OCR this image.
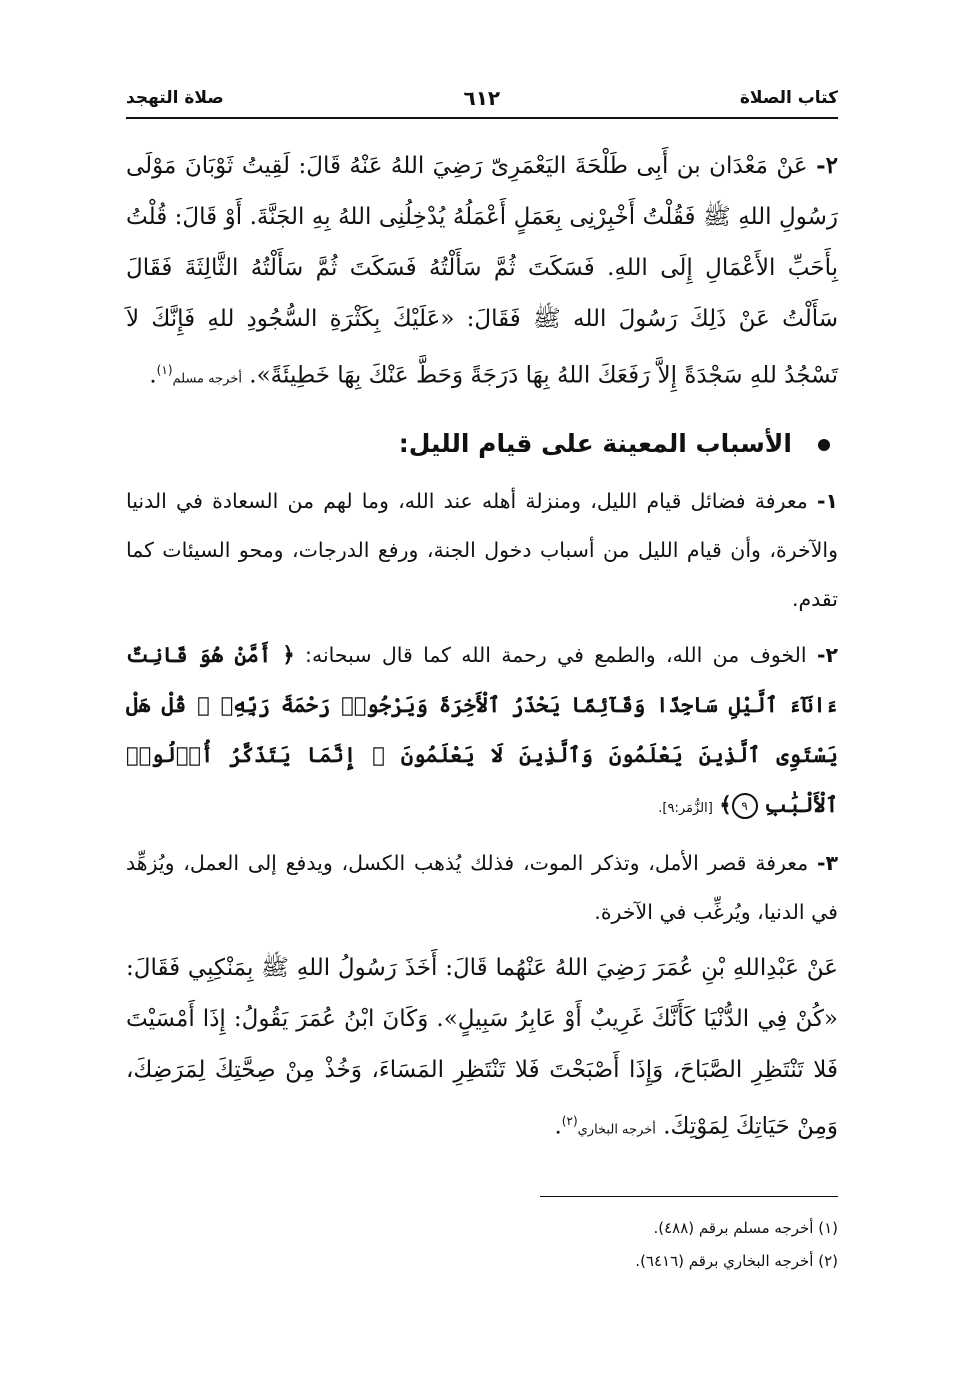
كتاب الصلاة
٦١٢
صلاة التهجد

٢- عَنْ مَعْدَان بن أَبِى طَلْحَةَ اليَعْمَرِىّ رَضِيَ اللهُ عَنْهُ قَالَ: لَقِيتُ ثَوْبَانَ مَوْلَى رَسُولِ اللهِ ﷺ فَقُلْتُ أَخْبِرْنِى بِعَمَلٍ أَعْمَلُهُ يُدْخِلُنِى اللهُ بِهِ الجَنَّةَ. أَوْ قَالَ: قُلْتُ بِأَحَبِّ الأَعْمَالِ إِلَى اللهِ. فَسَكَتَ ثُمَّ سَأَلْتُهُ فَسَكَتَ ثُمَّ سَأَلْتُهُ الثَّالِثَةَ فَقَالَ سَأَلْتُ عَنْ ذَلِكَ رَسُولَ الله ﷺ فَقَالَ: «عَلَيْكَ بِكَثْرَةِ السُّجُودِ للهِ فَإِنَّكَ لاَ تَسْجُدُ للهِ سَجْدَةً إِلاَّ رَفَعَكَ اللهُ بِهَا دَرَجَةً وَحَطَّ عَنْكَ بِهَا خَطِيئَةً». أخرجه مسلم$^{(١)}$.

الأسباب المعينة على قيام الليل:

١- معرفة فضائل قيام الليل، ومنزلة أهله عند الله، وما لهم من السعادة في الدنيا والآخرة، وأن قيام الليل من أسباب دخول الجنة، ورفع الدرجات، ومحو السيئات كما تقدم.

٢- الخوف من الله، والطمع في رحمة الله كما قال سبحانه: ﴿ أَمَّنْ هُوَ قَانِتٌ ءَانَآءَ ٱلَّيْلِ سَاجِدًا وَقَآئِمًا يَحْذَرُ ٱلْأَخِرَةَ وَيَرْجُوا۟ رَحْمَةَ رَبِّهِۦ ۗ قُلْ هَلْ يَسْتَوِى ٱلَّذِينَ يَعْلَمُونَ وَٱلَّذِينَ لَا يَعْلَمُونَ ۗ إِنَّمَا يَتَذَكَّرُ أُو۟لُوا۟ ٱلْأَلْبَٰبِ ٩﴾ [الزُّمَر:٩].

٣- معرفة قصر الأمل، وتذكر الموت، فذلك يُذهب الكسل، ويدفع إلى العمل، ويُزهِّد في الدنيا، ويُرغِّب في الآخرة.

عَنْ عَبْدِاللهِ بْنِ عُمَرَ رَضِيَ اللهُ عَنْهُما قَالَ: أَخَذَ رَسُولُ اللهِ ﷺ بِمَنْكِبِي فَقَالَ: «كُنْ فِي الدُّنْيَا كَأَنَّكَ غَرِيبٌ أَوْ عَابِرُ سَبِيلٍ». وَكَانَ ابْنُ عُمَرَ يَقُولُ: إِذَا أَمْسَيْتَ فَلا تَنْتَظِرِ الصَّبَاحَ، وَإِذَا أَصْبَحْتَ فَلا تَنْتَظِرِ المَسَاءَ، وَخُذْ مِنْ صِحَّتِكَ لِمَرَضِكَ، وَمِنْ حَيَاتِكَ لِمَوْتِكَ. أخرجه البخاري$^{(٢)}$.

(١) أخرجه مسلم برقم (٤٨٨).
(٢) أخرجه البخاري برقم (٦٤١٦).
